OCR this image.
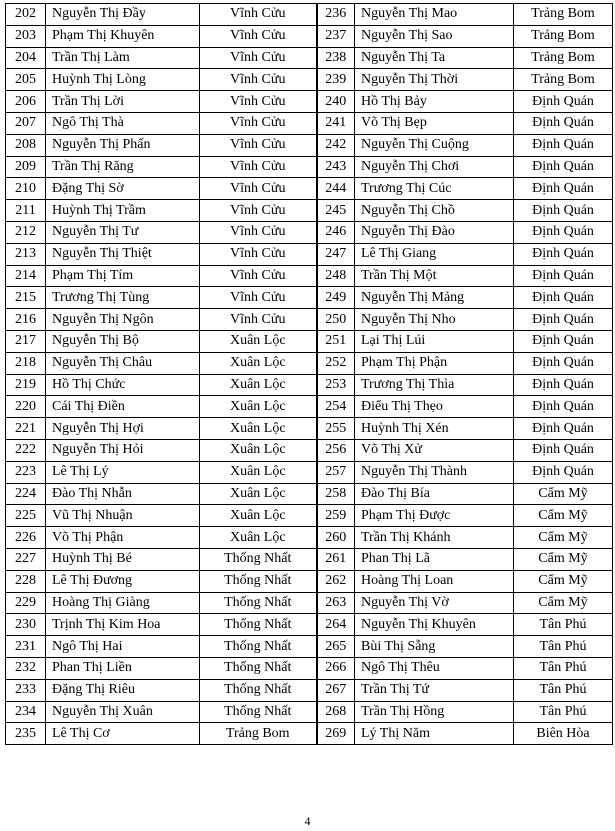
202	Nguyễn Thị Đầy	Vĩnh Cửu	236	Nguyễn Thị Mao	Trảng Bom
203	Phạm Thị Khuyên	Vĩnh Cửu	237	Nguyễn Thị Sao	Trảng Bom
204	Trần Thị Làm	Vĩnh Cửu	238	Nguyễn Thị Ta	Trảng Bom
205	Huỳnh Thị Lòng	Vĩnh Cửu	239	Nguyễn Thị Thời	Trảng Bom
206	Trần Thị Lời	Vĩnh Cửu	240	Hồ Thị Bảy	Định Quán
207	Ngô Thị Thà	Vĩnh Cửu	241	Võ Thị Bẹp	Định Quán
208	Nguyễn Thị Phấn	Vĩnh Cửu	242	Nguyễn Thị Cuộng	Định Quán
209	Trần Thị Răng	Vĩnh Cửu	243	Nguyễn Thị Chơi	Định Quán
210	Đặng Thị Sờ	Vĩnh Cửu	244	Trương Thị Cúc	Định Quán
211	Huỳnh Thị Trầm	Vĩnh Cửu	245	Nguyễn Thị Chồ	Định Quán
212	Nguyễn Thị Tư	Vĩnh Cửu	246	Nguyễn Thị Đào	Định Quán
213	Nguyễn Thị Thiệt	Vĩnh Cửu	247	Lê Thị Giang	Định Quán
214	Phạm Thị Tím	Vĩnh Cửu	248	Trần Thị Một	Định Quán
215	Trương Thị Tùng	Vĩnh Cửu	249	Nguyễn Thị Mảng	Định Quán
216	Nguyễn Thị Ngôn	Vĩnh Cửu	250	Nguyễn Thị Nho	Định Quán
217	Nguyễn Thị Bộ	Xuân Lộc	251	Lại Thị Lúi	Định Quán
218	Nguyễn Thị Châu	Xuân Lộc	252	Phạm Thị Phận	Định Quán
219	Hồ Thị Chức	Xuân Lộc	253	Trương Thị Thìa	Định Quán
220	Cái Thị Điền	Xuân Lộc	254	Điểu Thị Thẹo	Định Quán
221	Nguyễn Thị Hợi	Xuân Lộc	255	Huỳnh Thị Xén	Định Quán
222	Nguyễn Thị Hỏi	Xuân Lộc	256	Võ Thị Xử	Định Quán
223	Lê Thị Lý	Xuân Lộc	257	Nguyễn Thị Thành	Định Quán
224	Đào Thị Nhẫn	Xuân Lộc	258	Đào Thị Bía	Cẩm Mỹ
225	Vũ Thị Nhuận	Xuân Lộc	259	Phạm Thị Được	Cẩm Mỹ
226	Võ Thị Phận	Xuân Lộc	260	Trần Thị Khánh	Cẩm Mỹ
227	Huỳnh Thị Bé	Thống Nhất	261	Phan Thị Lã	Cẩm Mỹ
228	Lê Thị Đương	Thống Nhất	262	Hoàng Thị Loan	Cẩm Mỹ
229	Hoàng Thị Giàng	Thống Nhất	263	Nguyễn Thị Vờ	Cẩm Mỹ
230	Trịnh Thị Kim Hoa	Thống Nhất	264	Nguyễn Thị Khuyên	Tân Phú
231	Ngô Thị Hai	Thống Nhất	265	Bùi Thị Sẵng	Tân Phú
232	Phan Thị Liền	Thống Nhất	266	Ngô Thị Thêu	Tân Phú
233	Đặng Thị Riêu	Thống Nhất	267	Trần Thị Tứ	Tân Phú
234	Nguyễn Thị Xuân	Thống Nhất	268	Trần Thị Hồng	Tân Phú
235	Lê Thị Cơ	Trảng Bom	269	Lý Thị Năm	Biên Hòa
4
